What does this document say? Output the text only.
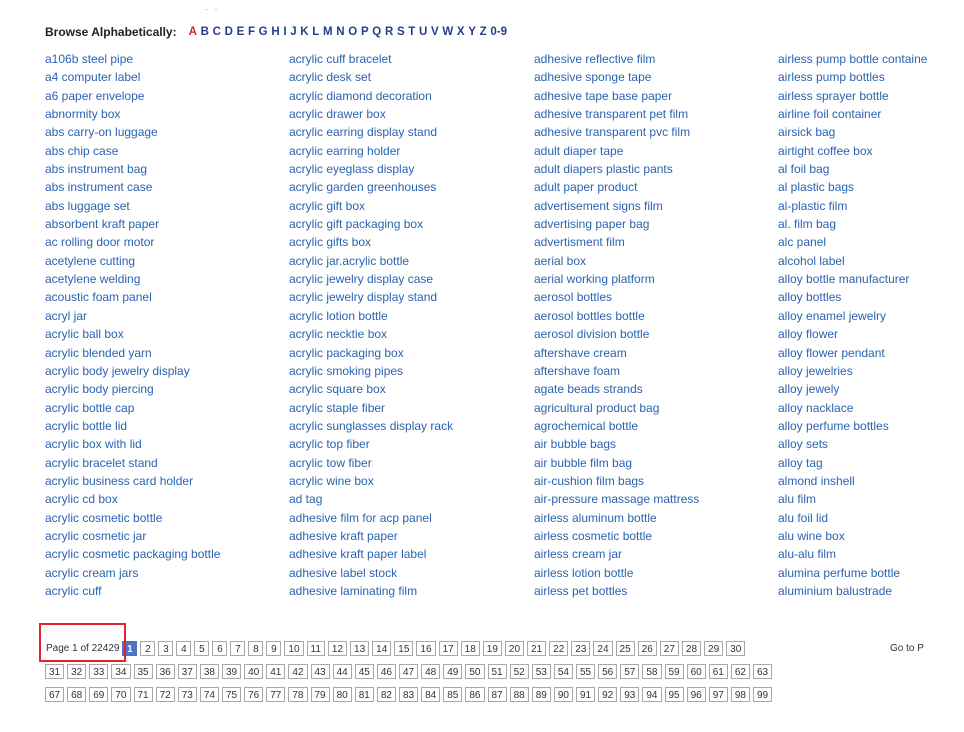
· ·
Browse Alphabetically: A B C D E F G H I J K L M N O P Q R S T U V W X Y Z 0-9
a106b steel pipe
a4 computer label
a6 paper envelope
abnormity box
abs carry-on luggage
abs chip case
abs instrument bag
abs instrument case
abs luggage set
absorbent kraft paper
ac rolling door motor
acetylene cutting
acetylene welding
acoustic foam panel
acryl jar
acrylic ball box
acrylic blended yarn
acrylic body jewelry display
acrylic body piercing
acrylic bottle cap
acrylic bottle lid
acrylic box with lid
acrylic bracelet stand
acrylic business card holder
acrylic cd box
acrylic cosmetic bottle
acrylic cosmetic jar
acrylic cosmetic packaging bottle
acrylic cream jars
acrylic cuff
acrylic cuff bracelet
acrylic desk set
acrylic diamond decoration
acrylic drawer box
acrylic earring display stand
acrylic earring holder
acrylic eyeglass display
acrylic garden greenhouses
acrylic gift box
acrylic gift packaging box
acrylic gifts box
acrylic jar.acrylic bottle
acrylic jewelry display case
acrylic jewelry display stand
acrylic lotion bottle
acrylic necktie box
acrylic packaging box
acrylic smoking pipes
acrylic square box
acrylic staple fiber
acrylic sunglasses display rack
acrylic top fiber
acrylic tow fiber
acrylic wine box
ad tag
adhesive film for acp panel
adhesive kraft paper
adhesive kraft paper label
adhesive label stock
adhesive laminating film
adhesive reflective film
adhesive sponge tape
adhesive tape base paper
adhesive transparent pet film
adhesive transparent pvc film
adult diaper tape
adult diapers plastic pants
adult paper product
advertisement signs film
advertising paper bag
advertisment film
aerial box
aerial working platform
aerosol bottles
aerosol bottles bottle
aerosol division bottle
aftershave cream
aftershave foam
agate beads strands
agricultural product bag
agrochemical bottle
air bubble bags
air bubble film bag
air-cushion film bags
air-pressure massage mattress
airless aluminum bottle
airless cosmetic bottle
airless cream jar
airless lotion bottle
airless pet bottles
airless pump bottle containe
airless pump bottles
airless sprayer bottle
airline foil container
airsick bag
airtight coffee box
al foil bag
al plastic bags
al-plastic film
al. film bag
alc panel
alcohol label
alloy bottle manufacturer
alloy bottles
alloy enamel jewelry
alloy flower
alloy flower pendant
alloy jewelries
alloy jewely
alloy nacklace
alloy perfume bottles
alloy sets
alloy tag
almond inshell
alu film
alu foil lid
alu wine box
alu-alu film
alumina perfume bottle
aluminium balustrade
Page 1 of 22429 1	2	3	4	5	6	7	8	9	10	11	12	13	14	15	16	17	18	19	20	21	22	23	24	25	26	27	28	29	30	Go to P
31	32	33	34	35	36	37	38	39	40	41	42	43	44	45	46	47	48	49	50	51	52	53	54	55	56	57	58	59	60	61	62	63
67	68	69	70	71	72	73	74	75	76	77	78	79	80	81	82	83	84	85	86	87	88	89	90	91	92	93	94	95	96	97	98	99
